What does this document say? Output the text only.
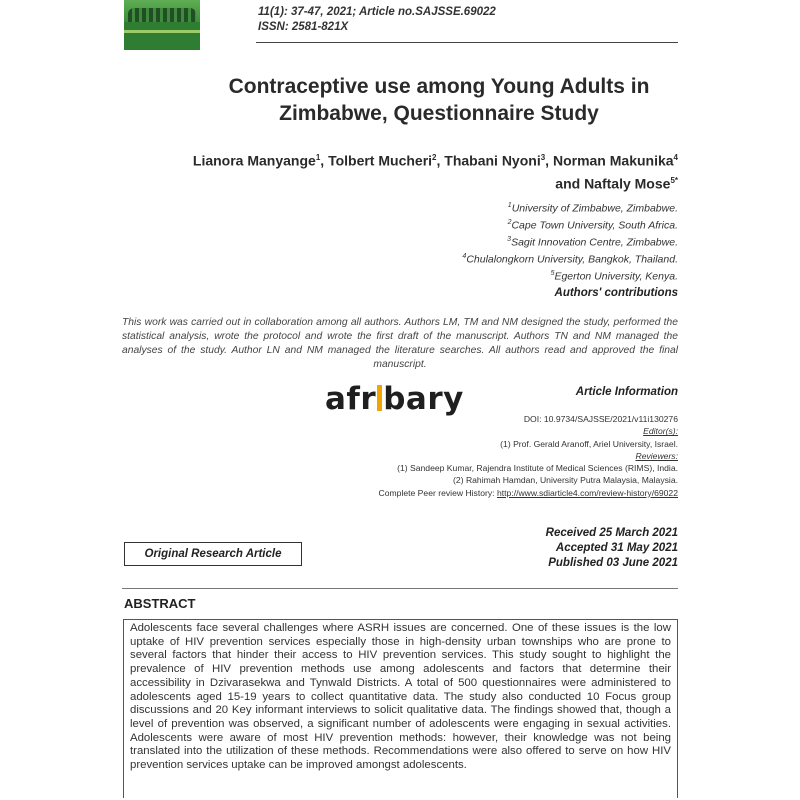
11(1): 37-47, 2021; Article no.SAJSSE.69022
ISSN: 2581-821X
Contraceptive use among Young Adults in
Zimbabwe, Questionnaire Study
Lianora Manyange$^1$, Tolbert Mucheri$^2$, Thabani Nyoni$^3$, Norman Makunika$^4$
and Naftaly Mose$^{5*}$
$^1$University of Zimbabwe, Zimbabwe.
$^2$Cape Town University, South Africa.
$^3$Sagit Innovation Centre, Zimbabwe.
$^4$Chulalongkorn University, Bangkok, Thailand.
$^5$Egerton University, Kenya.
Authors' contributions
This work was carried out in collaboration among all authors. Authors LM, TM and NM designed the study, performed the statistical analysis, wrote the protocol and wrote the first draft of the manuscript. Authors TN and NM managed the analyses of the study. Author LN and NM managed the literature searches. All authors read and approved the final manuscript.
Article Information
afr bary
DOI: 10.9734/SAJSSE/2021/v11i130276
Editor(s):
(1) Prof. Gerald Aranoff, Ariel University, Israel.
Reviewers:
(1) Sandeep Kumar, Rajendra Institute of Medical Sciences (RIMS), India.
(2) Rahimah Hamdan, University Putra Malaysia, Malaysia.
Complete Peer review History: http://www.sdiarticle4.com/review-history/69022
Original Research Article
Received 25 March 2021
Accepted 31 May 2021
Published 03 June 2021
ABSTRACT
Adolescents face several challenges where ASRH issues are concerned. One of these issues is the low uptake of HIV prevention services especially those in high-density urban townships who are prone to several factors that hinder their access to HIV prevention services. This study sought to highlight the prevalence of HIV prevention methods use among adolescents and factors that determine their accessibility in Dzivarasekwa and Tynwald Districts. A total of 500 questionnaires were administered to adolescents aged 15-19 years to collect quantitative data. The study also conducted 10 Focus group discussions and 20 Key informant interviews to solicit qualitative data. The findings showed that, though a level of prevention was observed, a significant number of adolescents were engaging in sexual activities. Adolescents were aware of most HIV prevention methods: however, their knowledge was not being translated into the utilization of these methods. Recommendations were also offered to serve on how HIV prevention services uptake can be improved amongst adolescents.
